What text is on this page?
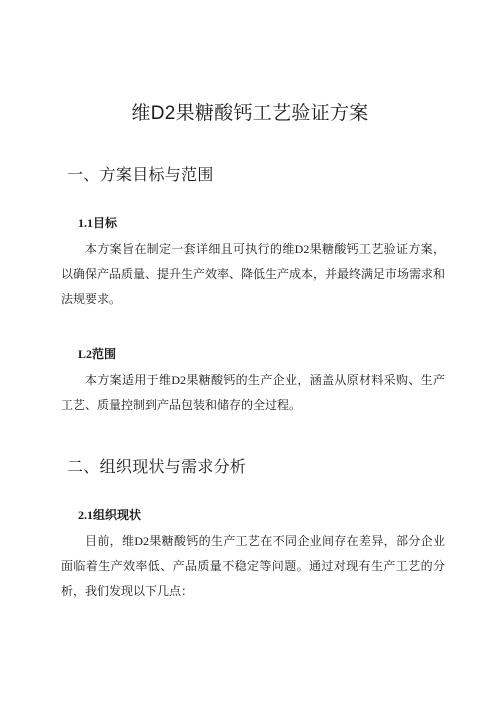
维D2果糖酸钙工艺验证方案
一、方案目标与范围
1.1目标

本方案旨在制定一套详细且可执行的维D2果糖酸钙工艺验证方案，以确保产品质量、提升生产效率、降低生产成本，并最终满足市场需求和法规要求。

L2范围

本方案适用于维D2果糖酸钙的生产企业，涵盖从原材料采购、生产工艺、质量控制到产品包装和储存的全过程。

二、组织现状与需求分析
2.1组织现状

目前，维D2果糖酸钙的生产工艺在不同企业间存在差异，部分企业面临着生产效率低、产品质量不稳定等问题。通过对现有生产工艺的分析，我们发现以下几点：
